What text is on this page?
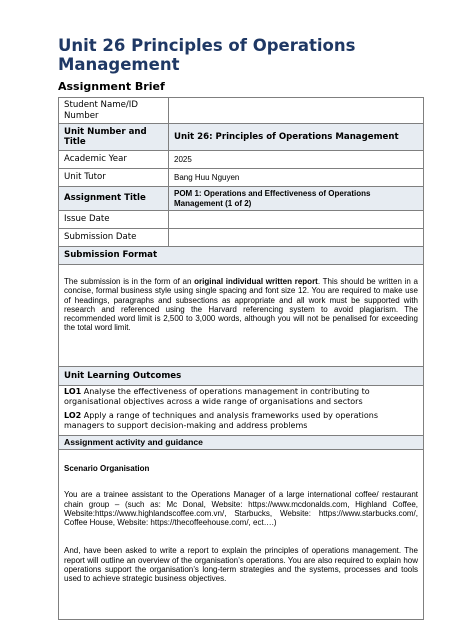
Unit 26 Principles of Operations Management
Assignment Brief
Student Name/ID Number	
Unit Number and Title	Unit 26: Principles of Operations Management
Academic Year	2025
Unit Tutor	Bang Huu Nguyen
Assignment Title	POM 1: Operations and Effectiveness of Operations Management (1 of 2)
Issue Date	
Submission Date	
Submission Format	

The submission is in the form of an original individual written report. This should be written in a concise, formal business style using single spacing and font size 12. You are required to make use of headings, paragraphs and subsections as appropriate and all work must be supported with research and referenced using the Harvard referencing system to avoid plagiarism. The recommended word limit is 2,500 to 3,000 words, although you will not be penalised for exceeding the total word limit.	

Unit Learning Outcomes	

LO1 Analyse the effectiveness of operations management in contributing to organisational objectives across a wide range of organisations and sectors
LO2 Apply a range of techniques and analysis frameworks used by operations managers to support decision-making and address problems	

Assignment activity and guidance	

Scenario Organisation
You are a trainee assistant to the Operations Manager of a large international coffee/ restaurant chain group – (such as: Mc Donal, Website: https://www.mcdonalds.com, Highland Coffee, Website:https://www.highlandscoffee.com.vn/, Starbucks, Website: https://www.starbucks.com/, Coffee House, Website: https://thecoffeehouse.com/, ect….)
And, have been asked to write a report to explain the principles of operations management. The report will outline an overview of the organisation’s operations. You are also required to explain how operations support the organisation’s long-term strategies and the systems, processes and tools used to achieve strategic business objectives.	
